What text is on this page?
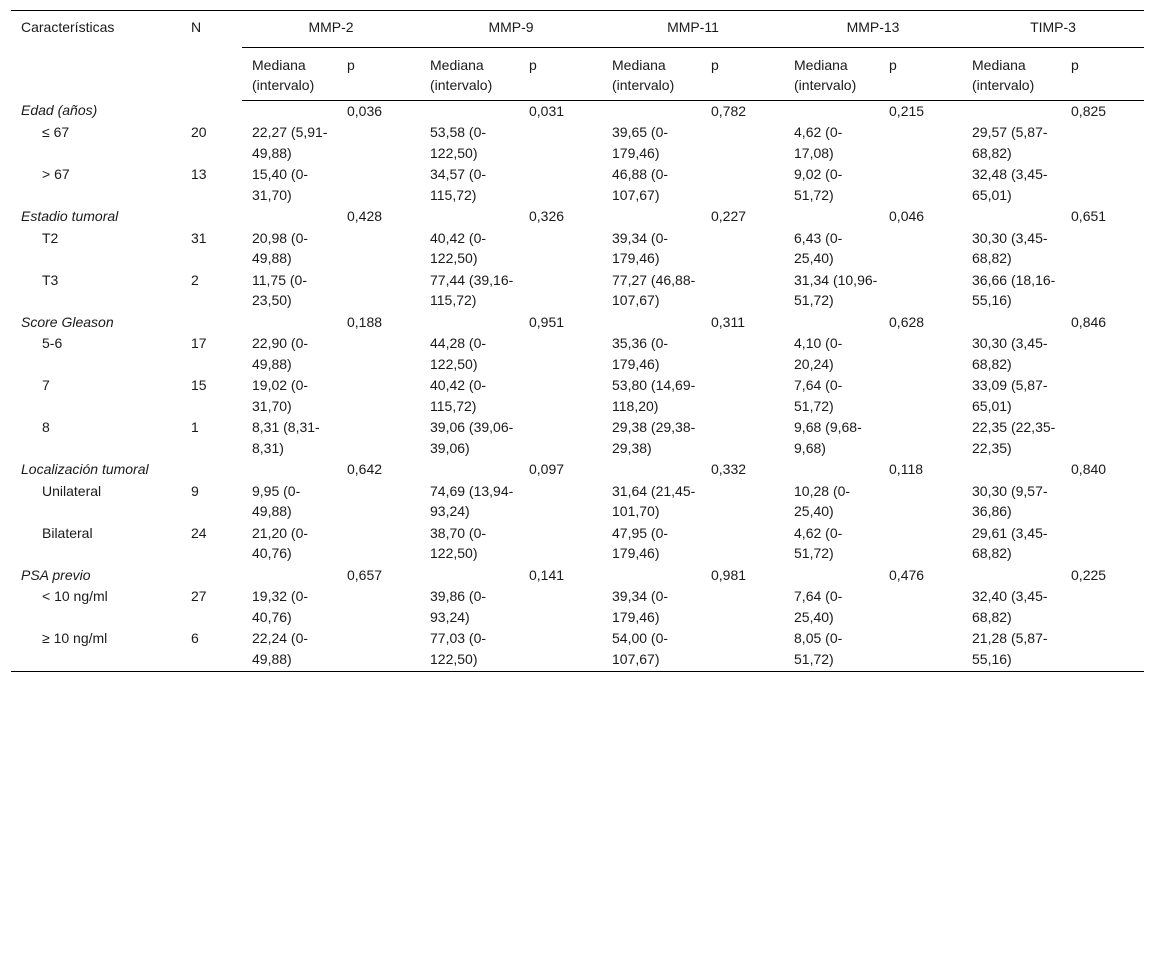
Características	N	MMP-2		MMP-9		MMP-11		MMP-13		TIMP-3	
		Mediana (intervalo)	p	Mediana (intervalo)	p	Mediana (intervalo)	p	Mediana (intervalo)	p	Mediana (intervalo)	p
Edad (años)			0,036		0,031		0,782		0,215		0,825
≤ 67	20	22,27 (5,91-49,88)		53,58 (0-122,50)		39,65 (0-179,46)		4,62 (0-17,08)		29,57 (5,87-68,82)	
> 67	13	15,40 (0-31,70)		34,57 (0-115,72)		46,88 (0-107,67)		9,02 (0-51,72)		32,48 (3,45-65,01)	
Estadio tumoral			0,428		0,326		0,227		0,046		0,651
T2	31	20,98 (0-49,88)		40,42 (0-122,50)		39,34 (0-179,46)		6,43 (0-25,40)		30,30 (3,45-68,82)	
T3	2	11,75 (0-23,50)		77,44 (39,16-115,72)		77,27 (46,88-107,67)		31,34 (10,96-51,72)		36,66 (18,16-55,16)	
Score Gleason			0,188		0,951		0,311		0,628		0,846
5-6	17	22,90 (0-49,88)		44,28 (0-122,50)		35,36 (0-179,46)		4,10 (0-20,24)		30,30 (3,45-68,82)	
7	15	19,02 (0-31,70)		40,42 (0-115,72)		53,80 (14,69-118,20)		7,64 (0-51,72)		33,09 (5,87-65,01)	
8	1	8,31 (8,31-8,31)		39,06 (39,06-39,06)		29,38 (29,38-29,38)		9,68 (9,68-9,68)		22,35 (22,35-22,35)	
Localización tumoral			0,642		0,097		0,332		0,118		0,840
Unilateral	9	9,95 (0-49,88)		74,69 (13,94-93,24)		31,64 (21,45-101,70)		10,28 (0-25,40)		30,30 (9,57-36,86)	
Bilateral	24	21,20 (0-40,76)		38,70 (0-122,50)		47,95 (0-179,46)		4,62 (0-51,72)		29,61 (3,45-68,82)	
PSA previo			0,657		0,141		0,981		0,476		0,225
< 10 ng/ml	27	19,32 (0-40,76)		39,86 (0-93,24)		39,34 (0-179,46)		7,64 (0-25,40)		32,40 (3,45-68,82)	
≥ 10 ng/ml	6	22,24 (0-49,88)		77,03 (0-122,50)		54,00 (0-107,67)		8,05 (0-51,72)		21,28 (5,87-55,16)	
